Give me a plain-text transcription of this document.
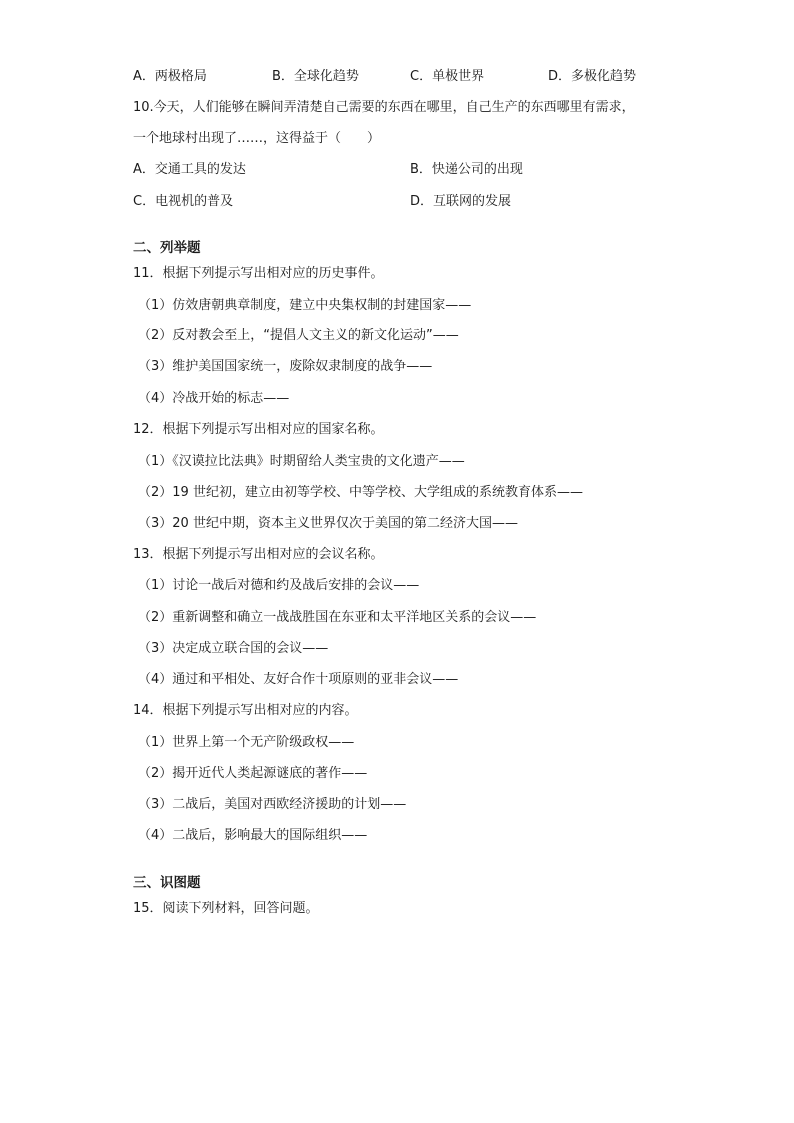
A．两极格局	B．全球化趋势	C．单极世界	D．多极化趋势
10.今天，人们能够在瞬间弄清楚自己需要的东西在哪里，自己生产的东西哪里有需求，
一个地球村出现了……，这得益于（　　）
A．交通工具的发达	B．快递公司的出现
C．电视机的普及	D．互联网的发展
二、列举题
11．根据下列提示写出相对应的历史事件。
（1）仿效唐朝典章制度，建立中央集权制的封建国家——
（2）反对教会至上，“提倡人文主义的新文化运动”——
（3）维护美国国家统一，废除奴隶制度的战争——
（4）冷战开始的标志——
12．根据下列提示写出相对应的国家名称。
（1）《汉谟拉比法典》时期留给人类宝贵的文化遗产——
（2）19 世纪初，建立由初等学校、中等学校、大学组成的系统教育体系——
（3）20 世纪中期，资本主义世界仅次于美国的第二经济大国——
13．根据下列提示写出相对应的会议名称。
（1）讨论一战后对德和约及战后安排的会议——
（2）重新调整和确立一战战胜国在东亚和太平洋地区关系的会议——
（3）决定成立联合国的会议——
（4）通过和平相处、友好合作十项原则的亚非会议——
14．根据下列提示写出相对应的内容。
（1）世界上第一个无产阶级政权——
（2）揭开近代人类起源谜底的著作——
（3）二战后，美国对西欧经济援助的计划——
（4）二战后，影响最大的国际组织——
三、识图题
15．阅读下列材料，回答问题。
